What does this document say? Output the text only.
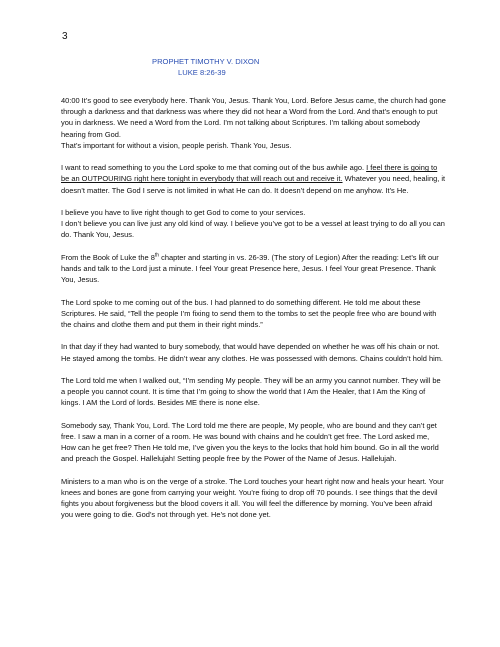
3
PROPHET TIMOTHY V. DIXON
LUKE 8:26-39

40:00 It’s good to see everybody here. Thank You, Jesus. Thank You, Lord. Before Jesus came, the church had gone through a darkness and that darkness was where they did not hear a Word from the Lord. And that’s enough to put you in darkness. We need a Word from the Lord. I’m not talking about Scriptures. I’m talking about somebody hearing from God.
That’s important for without a vision, people perish. Thank You, Jesus.

I want to read something to you the Lord spoke to me that coming out of the bus awhile ago. I feel there is going to be an OUTPOURING right here tonight in everybody that will reach out and receive it. Whatever you need, healing, it doesn’t matter. The God I serve is not limited in what He can do. It doesn’t depend on me anyhow. It’s He.

I believe you have to live right though to get God to come to your services.
I don’t believe you can live just any old kind of way. I believe you’ve got to be a vessel at least trying to do all you can do. Thank You, Jesus.

From the Book of Luke the 8th chapter and starting in vs. 26-39. (The story of Legion) After the reading: Let’s lift our hands and talk to the Lord just a minute. I feel Your great Presence here, Jesus. I feel Your great Presence. Thank You, Jesus.

The Lord spoke to me coming out of the bus. I had planned to do something different. He told me about these Scriptures. He said, “Tell the people I’m fixing to send them to the tombs to set the people free who are bound with the chains and clothe them and put them in their right minds.”

In that day if they had wanted to bury somebody, that would have depended on whether he was off his chain or not. He stayed among the tombs. He didn’t wear any clothes. He was possessed with demons. Chains couldn’t hold him.

The Lord told me when I walked out, “I’m sending My people. They will be an army you cannot number. They will be a people you cannot count. It is time that I’m going to show the world that I Am the Healer, that I Am the King of kings. I AM the Lord of lords. Besides ME there is none else.

Somebody say, Thank You, Lord. The Lord told me there are people, My people, who are bound and they can’t get free. I saw a man in a corner of a room. He was bound with chains and he couldn’t get free. The Lord asked me, How can he get free? Then He told me, I’ve given you the keys to the locks that hold him bound. Go in all the world and preach the Gospel. Hallelujah! Setting people free by the Power of the Name of Jesus. Hallelujah.

Ministers to a man who is on the verge of a stroke. The Lord touches your heart right now and heals your heart. Your knees and bones are gone from carrying your weight. You’re fixing to drop off 70 pounds. I see things that the devil fights you about forgiveness but the blood covers it all. You will feel the difference by morning. You’ve been afraid you were going to die. God’s not through yet. He’s not done yet.
